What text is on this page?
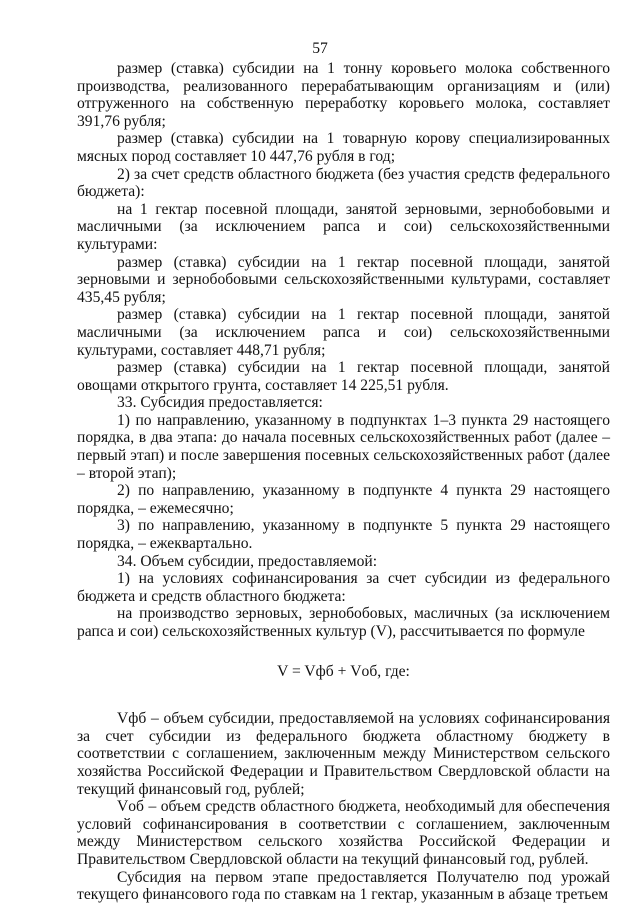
57

размер (ставка) субсидии на 1 тонну коровьего молока собственного производства, реализованного перерабатывающим организациям и (или) отгруженного на собственную переработку коровьего молока, составляет 391,76 рубля;

размер (ставка) субсидии на 1 товарную корову специализированных мясных пород составляет 10 447,76 рубля в год;

2) за счет средств областного бюджета (без участия средств федерального бюджета):

на 1 гектар посевной площади, занятой зерновыми, зернобобовыми и масличными (за исключением рапса и сои) сельскохозяйственными культурами:

размер (ставка) субсидии на 1 гектар посевной площади, занятой зерновыми и зернобобовыми сельскохозяйственными культурами, составляет 435,45 рубля;

размер (ставка) субсидии на 1 гектар посевной площади, занятой масличными (за исключением рапса и сои) сельскохозяйственными культурами, составляет 448,71 рубля;

размер (ставка) субсидии на 1 гектар посевной площади, занятой овощами открытого грунта, составляет 14 225,51 рубля.

33. Субсидия предоставляется:

1) по направлению, указанному в подпунктах 1–3 пункта 29 настоящего порядка, в два этапа: до начала посевных сельскохозяйственных работ (далее – первый этап) и после завершения посевных сельскохозяйственных работ (далее – второй этап);

2) по направлению, указанному в подпункте 4 пункта 29 настоящего порядка, – ежемесячно;

3) по направлению, указанному в подпункте 5 пункта 29 настоящего порядка, – ежеквартально.

34. Объем субсидии, предоставляемой:

1) на условиях софинансирования за счет субсидии из федерального бюджета и средств областного бюджета:

на производство зерновых, зернобобовых, масличных (за исключением рапса и сои) сельскохозяйственных культур (V), рассчитывается по формуле

V = Vфб + Vоб, где:

Vфб – объем субсидии, предоставляемой на условиях софинансирования за счет субсидии из федерального бюджета областному бюджету в соответствии с соглашением, заключенным между Министерством сельского хозяйства Российской Федерации и Правительством Свердловской области на текущий финансовый год, рублей;

Vоб – объем средств областного бюджета, необходимый для обеспечения условий софинансирования в соответствии с соглашением, заключенным между Министерством сельского хозяйства Российской Федерации и Правительством Свердловской области на текущий финансовый год, рублей.

Субсидия на первом этапе предоставляется Получателю под урожай текущего финансового года по ставкам на 1 гектар, указанным в абзаце третьем
